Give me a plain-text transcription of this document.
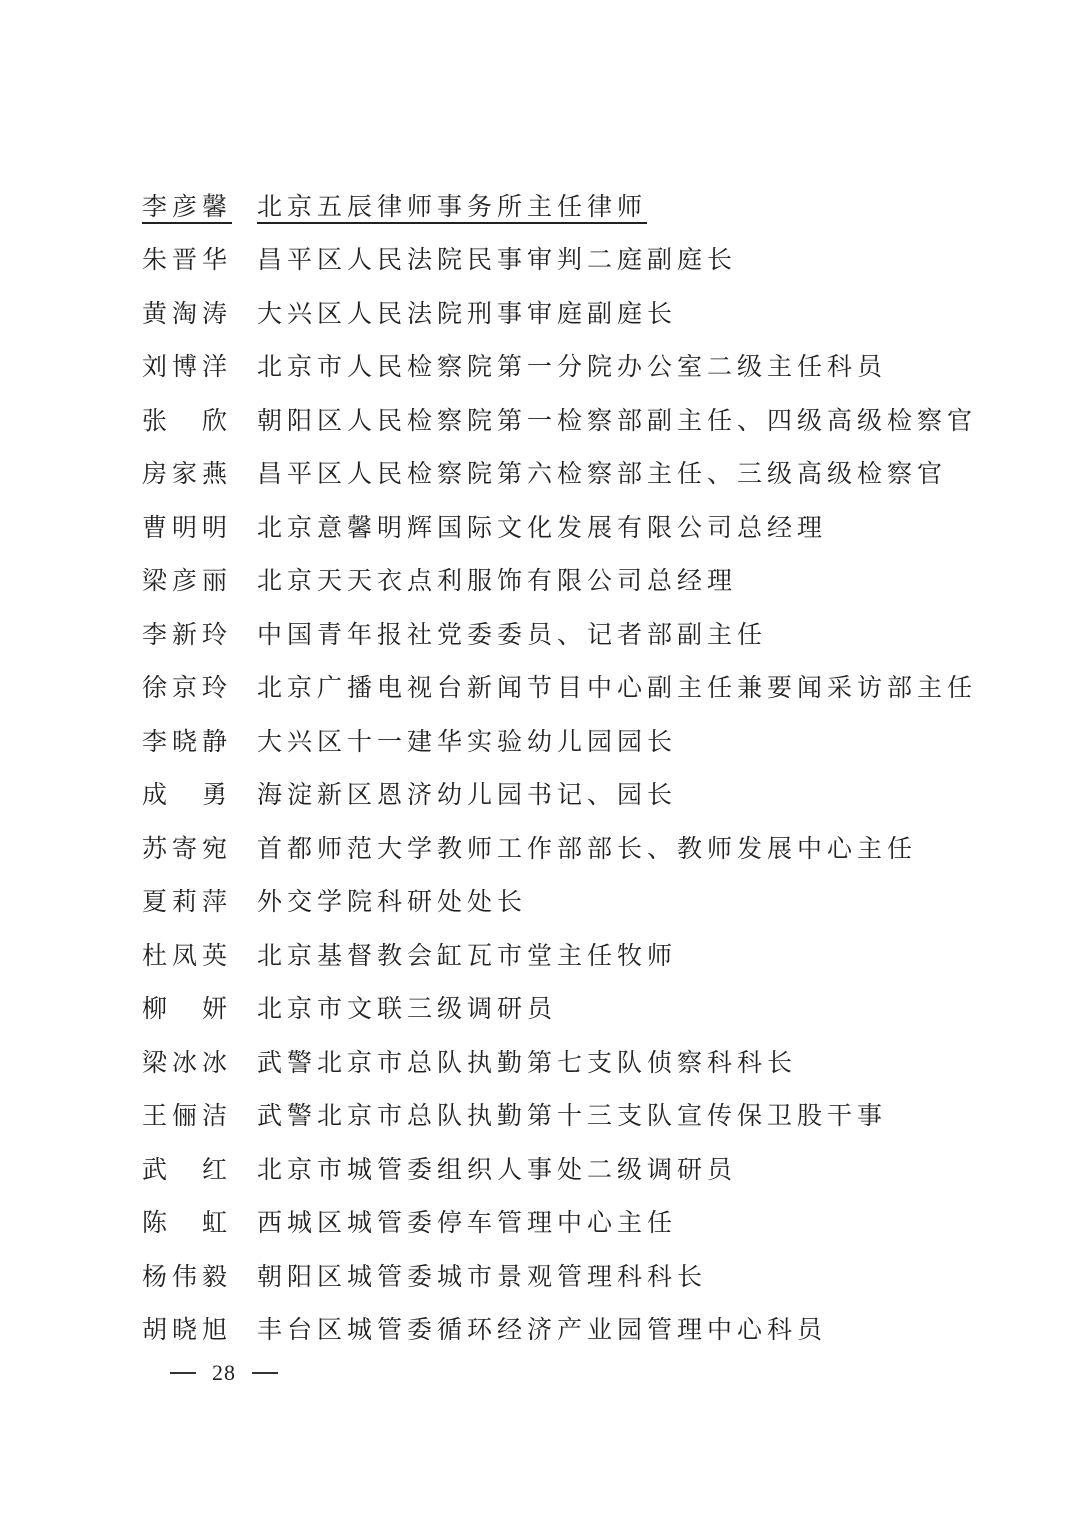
李彦馨 北京五辰律师事务所主任律师
朱晋华 昌平区人民法院民事审判二庭副庭长
黄淘涛 大兴区人民法院刑事审庭副庭长
刘博洋 北京市人民检察院第一分院办公室二级主任科员
张欣
朝阳区人民检察院第一检察部副主任、四级高级检察官
房家燕 昌平区人民检察院第六检察部主任、三级高级检察官
曹明明 北京意馨明辉国际文化发展有限公司总经理
梁彦丽 北京天天衣点利服饰有限公司总经理
李新玲 中国青年报社党委委员、记者部副主任
徐京玲 北京广播电视台新闻节目中心副主任兼要闻采访部主任
李晓静 大兴区十一建华实验幼儿园园长
成勇
海淀新区恩济幼儿园书记、园长
苏寄宛 首都师范大学教师工作部部长、教师发展中心主任
夏莉萍 外交学院科研处处长
杜凤英 北京基督教会缸瓦市堂主任牧师
柳妍
北京市文联三级调研员
梁冰冰 武警北京市总队执勤第七支队侦察科科长
王俪洁 武警北京市总队执勤第十三支队宣传保卫股干事
武红
北京市城管委组织人事处二级调研员
陈虹
西城区城管委停车管理中心主任
杨伟毅 朝阳区城管委城市景观管理科科长
胡晓旭 丰台区城管委循环经济产业园管理中心科员
28
